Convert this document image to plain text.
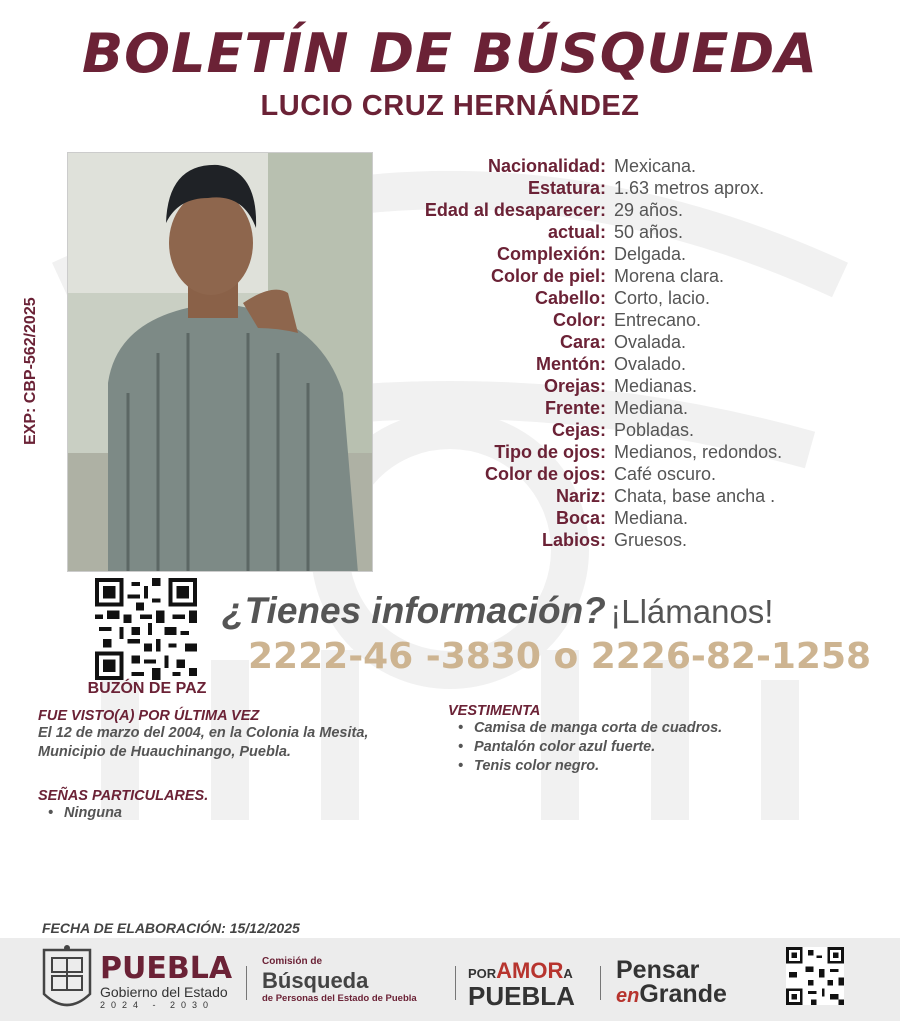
BOLETÍN DE BÚSQUEDA
LUCIO CRUZ HERNÁNDEZ
EXP: CBP-562/2025
Nacionalidad: Mexicana.
Estatura: 1.63 metros aprox.
Edad al desaparecer: 29 años.
actual: 50 años.
Complexión: Delgada.
Color de piel: Morena clara.
Cabello: Corto, lacio.
Color: Entrecano.
Cara: Ovalada.
Mentón: Ovalado.
Orejas: Medianas.
Frente: Mediana.
Cejas: Pobladas.
Tipo de ojos: Medianos, redondos.
Color de ojos: Café oscuro.
Nariz: Chata, base ancha .
Boca: Mediana.
Labios: Gruesos.
BUZÓN DE PAZ
¿Tienes información? ¡Llámanos!
2222-46 -3830 o 2226-82-1258
FUE VISTO(A) POR ÚLTIMA VEZ
El 12 de marzo del 2004, en la Colonia la Mesita,
Municipio de Huauchinango, Puebla.
SEÑAS PARTICULARES.
• Ninguna
VESTIMENTA
• Camisa de manga corta de cuadros.
• Pantalón color azul fuerte.
• Tenis color negro.
FECHA DE ELABORACIÓN: 15/12/2025
PUEBLA
Gobierno del Estado
2024 - 2030
Comisión de
Búsqueda
de Personas del Estado de Puebla
PORAMORA
PUEBLA
Pensar
enGrande
